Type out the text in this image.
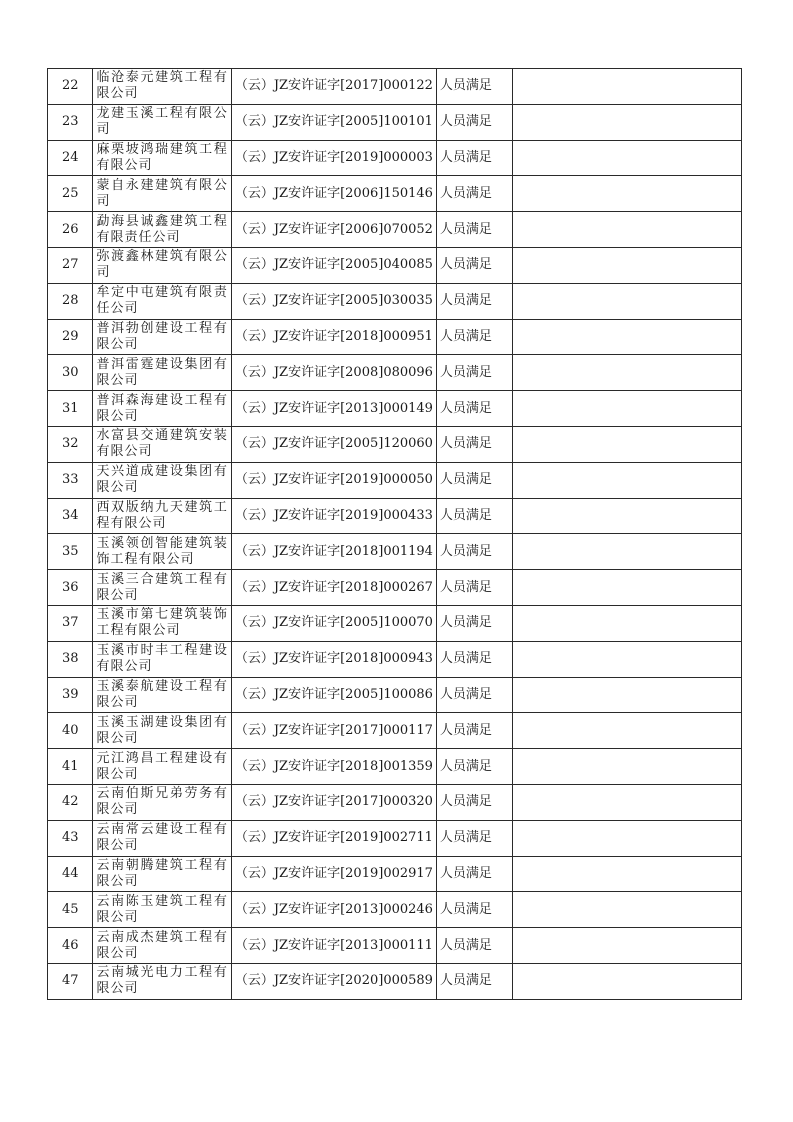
22	临沧泰元建筑工程有限公司	（云）JZ安许证字[2017]000122	人员满足	
23	龙建玉溪工程有限公司	（云）JZ安许证字[2005]100101	人员满足	
24	麻栗坡鸿瑞建筑工程有限公司	（云）JZ安许证字[2019]000003	人员满足	
25	蒙自永建建筑有限公司	（云）JZ安许证字[2006]150146	人员满足	
26	勐海县诚鑫建筑工程有限责任公司	（云）JZ安许证字[2006]070052	人员满足	
27	弥渡鑫林建筑有限公司	（云）JZ安许证字[2005]040085	人员满足	
28	牟定中屯建筑有限责任公司	（云）JZ安许证字[2005]030035	人员满足	
29	普洱勃创建设工程有限公司	（云）JZ安许证字[2018]000951	人员满足	
30	普洱雷霆建设集团有限公司	（云）JZ安许证字[2008]080096	人员满足	
31	普洱森海建设工程有限公司	（云）JZ安许证字[2013]000149	人员满足	
32	水富县交通建筑安装有限公司	（云）JZ安许证字[2005]120060	人员满足	
33	天兴道成建设集团有限公司	（云）JZ安许证字[2019]000050	人员满足	
34	西双版纳九天建筑工程有限公司	（云）JZ安许证字[2019]000433	人员满足	
35	玉溪领创智能建筑装饰工程有限公司	（云）JZ安许证字[2018]001194	人员满足	
36	玉溪三合建筑工程有限公司	（云）JZ安许证字[2018]000267	人员满足	
37	玉溪市第七建筑装饰工程有限公司	（云）JZ安许证字[2005]100070	人员满足	
38	玉溪市时丰工程建设有限公司	（云）JZ安许证字[2018]000943	人员满足	
39	玉溪泰航建设工程有限公司	（云）JZ安许证字[2005]100086	人员满足	
40	玉溪玉湖建设集团有限公司	（云）JZ安许证字[2017]000117	人员满足	
41	元江鸿昌工程建设有限公司	（云）JZ安许证字[2018]001359	人员满足	
42	云南伯斯兄弟劳务有限公司	（云）JZ安许证字[2017]000320	人员满足	
43	云南常云建设工程有限公司	（云）JZ安许证字[2019]002711	人员满足	
44	云南朝腾建筑工程有限公司	（云）JZ安许证字[2019]002917	人员满足	
45	云南陈玉建筑工程有限公司	（云）JZ安许证字[2013]000246	人员满足	
46	云南成杰建筑工程有限公司	（云）JZ安许证字[2013]000111	人员满足	
47	云南城光电力工程有限公司	（云）JZ安许证字[2020]000589	人员满足	
